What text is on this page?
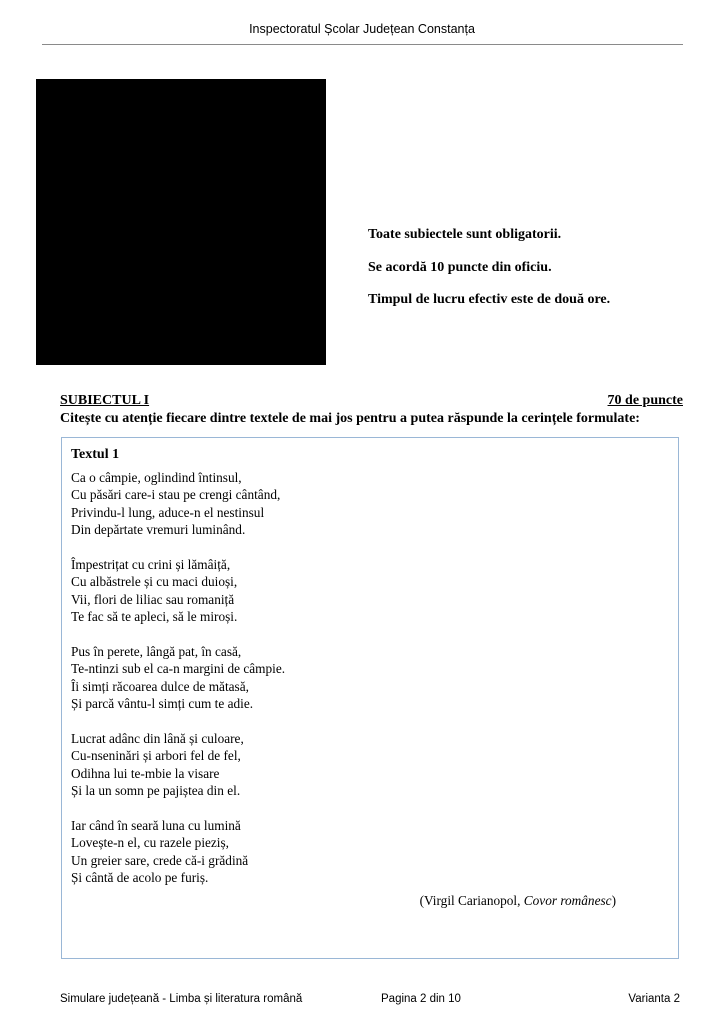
Inspectoratul Școlar Județean Constanța
Toate subiectele sunt obligatorii.
Se acordă 10 puncte din oficiu.
Timpul de lucru efectiv este de două ore.
SUBIECTUL I	70 de puncte
Citește cu atenție fiecare dintre textele de mai jos pentru a putea răspunde la cerințele formulate:
Textul 1
Ca o câmpie, oglindind întinsul,
Cu păsări care-i stau pe crengi cântând,
Privindu-l lung, aduce-n el nestinsul
Din depărtate vremuri luminând.
Împestrițat cu crini și lămâiță,
Cu albăstrele și cu maci duioși,
Vii, flori de liliac sau romaniță
Te fac să te apleci, să le miroși.
Pus în perete, lângă pat, în casă,
Te-ntinzi sub el ca-n margini de câmpie.
Îi simți răcoarea dulce de mătasă,
Și parcă vântu-l simți cum te adie.
Lucrat adânc din lână și culoare,
Cu-nseninări și arbori fel de fel,
Odihna lui te-mbie la visare
Și la un somn pe pajiștea din el.
Iar când în seară luna cu lumină
Lovește-n el, cu razele pieziș,
Un greier sare, crede că-i grădină
Și cântă de acolo pe furiș.
(Virgil Carianopol, Covor românesc)
Simulare județeană - Limba și literatura română	Pagina 2 din 10	Varianta 2
